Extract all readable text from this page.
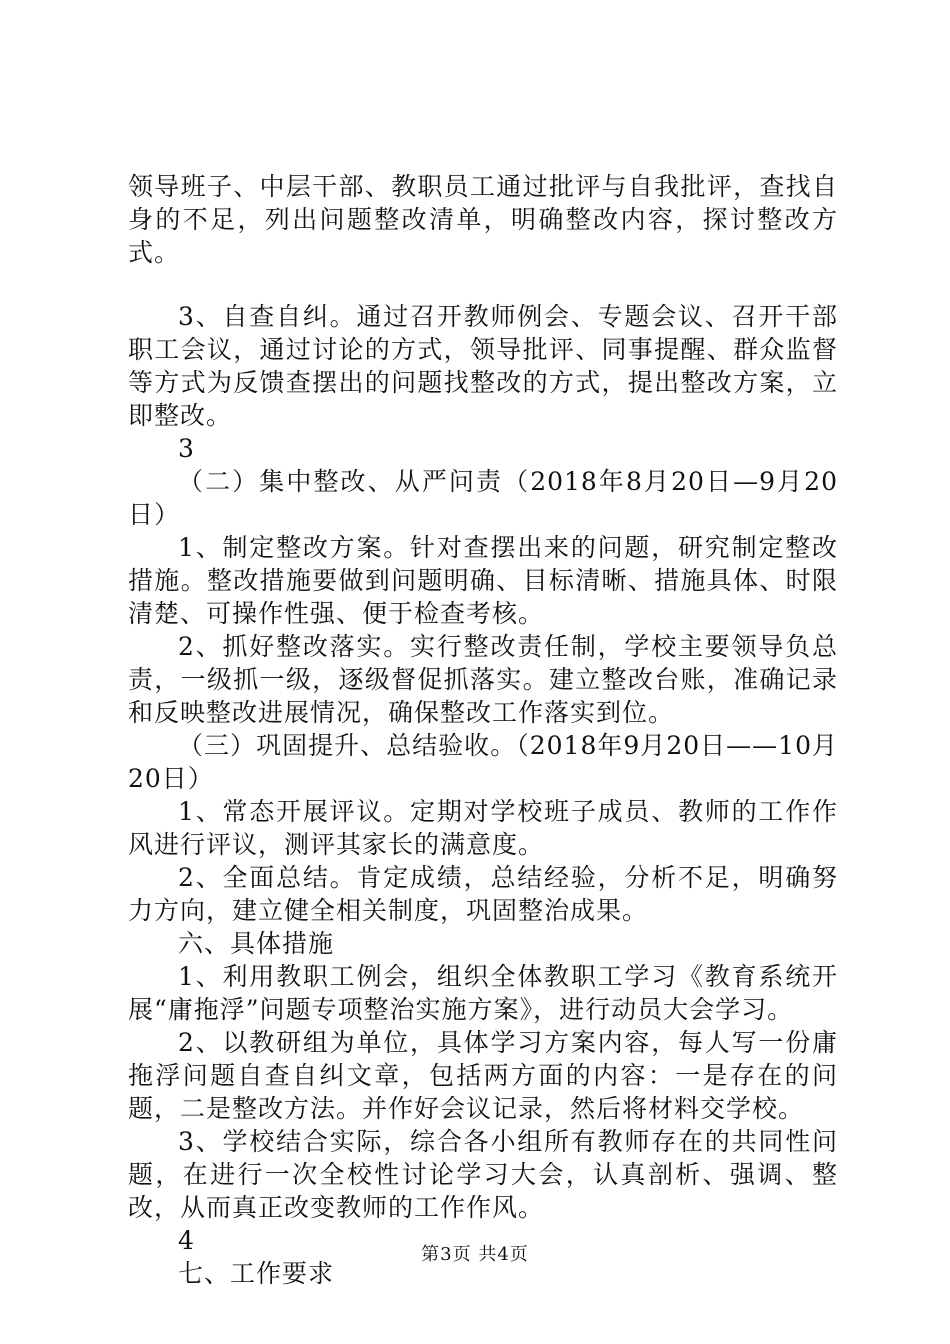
领导班子、中层干部、教职员工通过批评与自我批评，查找自身的不足，列出问题整改清单，明确整改内容，探讨整改方式。

3、自查自纠。通过召开教师例会、专题会议、召开干部职工会议，通过讨论的方式，领导批评、同事提醒、群众监督等方式为反馈查摆出的问题找整改的方式，提出整改方案，立即整改。

3

（二）集中整改、从严问责（2018年8月20日—9月20日）

1、制定整改方案。针对查摆出来的问题，研究制定整改措施。整改措施要做到问题明确、目标清晰、措施具体、时限清楚、可操作性强、便于检查考核。

2、抓好整改落实。实行整改责任制，学校主要领导负总责，一级抓一级，逐级督促抓落实。建立整改台账，准确记录和反映整改进展情况，确保整改工作落实到位。

（三）巩固提升、总结验收。（2018年9月20日——10月20日）

1、常态开展评议。定期对学校班子成员、教师的工作作风进行评议，测评其家长的满意度。

2、全面总结。肯定成绩，总结经验，分析不足，明确努力方向，建立健全相关制度，巩固整治成果。

六、具体措施

1、利用教职工例会，组织全体教职工学习《教育系统开展“庸拖浮”问题专项整治实施方案》，进行动员大会学习。

2、以教研组为单位，具体学习方案内容，每人写一份庸拖浮问题自查自纠文章，包括两方面的内容：一是存在的问题，二是整改方法。并作好会议记录，然后将材料交学校。

3、学校结合实际，综合各小组所有教师存在的共同性问题，在进行一次全校性讨论学习大会，认真剖析、强调、整改，从而真正改变教师的工作作风。

4

七、工作要求

第3页 共4页
